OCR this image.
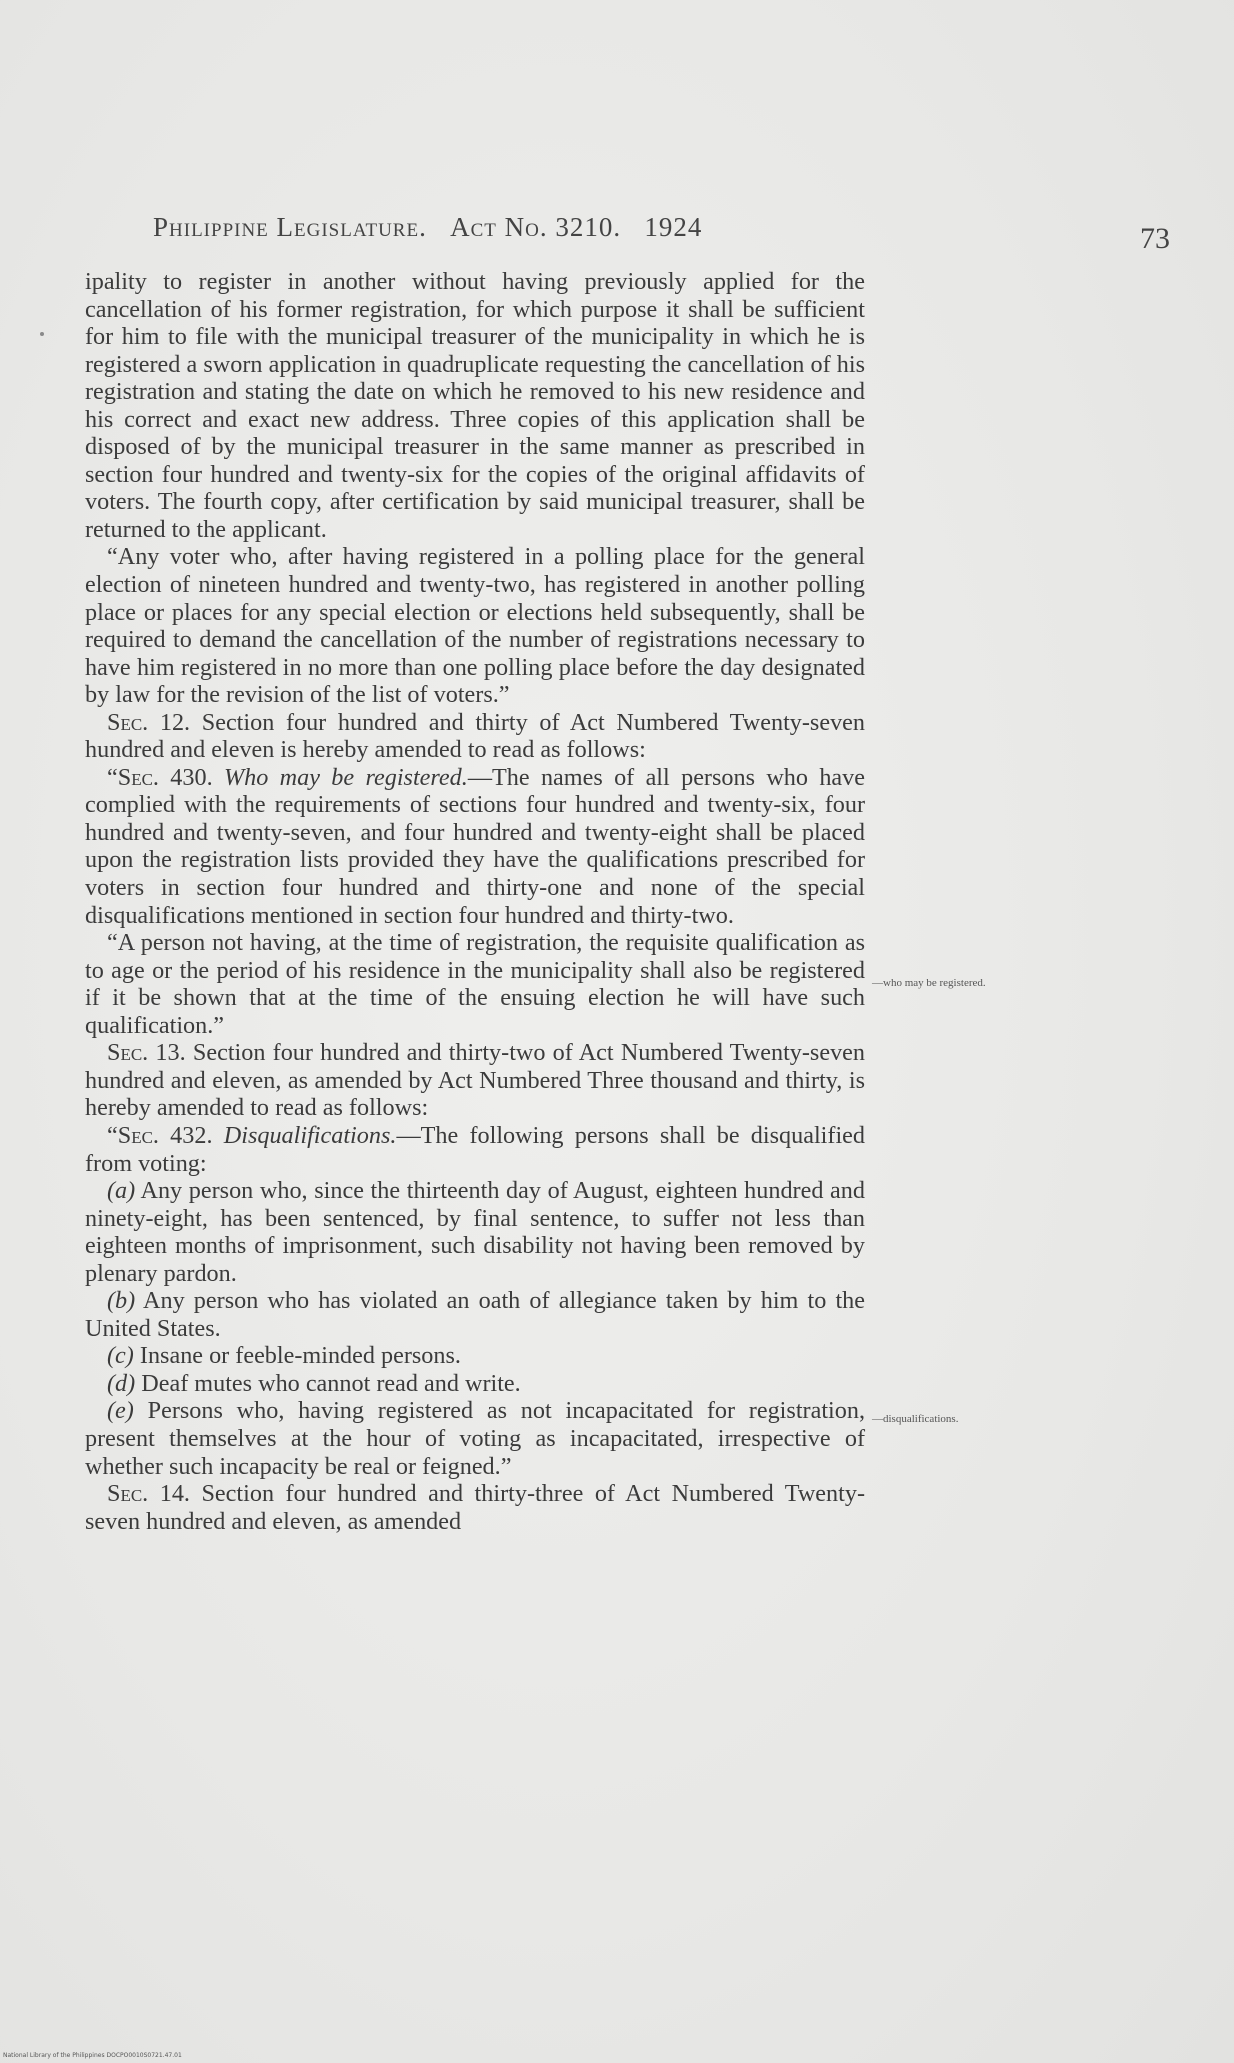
Philippine Legislature. Act No. 3210. 1924	73

ipality to register in another without having previously applied for the cancellation of his former registration, for which purpose it shall be sufficient for him to file with the municipal treasurer of the municipality in which he is registered a sworn application in quadruplicate requesting the cancellation of his registration and stating the date on which he removed to his new residence and his correct and exact new address. Three copies of this application shall be disposed of by the municipal treasurer in the same manner as prescribed in section four hundred and twenty-six for the copies of the original affidavits of voters. The fourth copy, after certification by said municipal treasurer, shall be returned to the applicant.

“Any voter who, after having registered in a polling place for the general election of nineteen hundred and twenty-two, has registered in another polling place or places for any special election or elections held subsequently, shall be required to demand the cancellation of the number of registrations necessary to have him registered in no more than one polling place before the day designated by law for the revision of the list of voters.”

Sec. 12. Section four hundred and thirty of Act Numbered Twenty-seven hundred and eleven is hereby amended to read as follows:

“Sec. 430. Who may be registered.—The names of all persons who have complied with the requirements of sections four hundred and twenty-six, four hundred and twenty-seven, and four hundred and twenty-eight shall be placed upon the registration lists provided they have the qualifications prescribed for voters in section four hundred and thirty-one and none of the special disqualifications mentioned in section four hundred and thirty-two.

“A person not having, at the time of registration, the requisite qualification as to age or the period of his residence in the municipality shall also be registered if it be shown that at the time of the ensuing election he will have such qualification.”

Sec. 13. Section four hundred and thirty-two of Act Numbered Twenty-seven hundred and eleven, as amended by Act Numbered Three thousand and thirty, is hereby amended to read as follows:

“Sec. 432. Disqualifications.—The following persons shall be disqualified from voting:

(a) Any person who, since the thirteenth day of August, eighteen hundred and ninety-eight, has been sentenced, by final sentence, to suffer not less than eighteen months of imprisonment, such disability not having been removed by plenary pardon.

(b) Any person who has violated an oath of allegiance taken by him to the United States.

(c) Insane or feeble-minded persons.

(d) Deaf mutes who cannot read and write.

(e) Persons who, having registered as not incapacitated for registration, present themselves at the hour of voting as incapacitated, irrespective of whether such incapacity be real or feigned.”

Sec. 14. Section four hundred and thirty-three of Act Numbered Twenty-seven hundred and eleven, as amended

—who may be registered.
—disqualifications.
National Library of the Philippines DOCPO0010S0721.47.01
